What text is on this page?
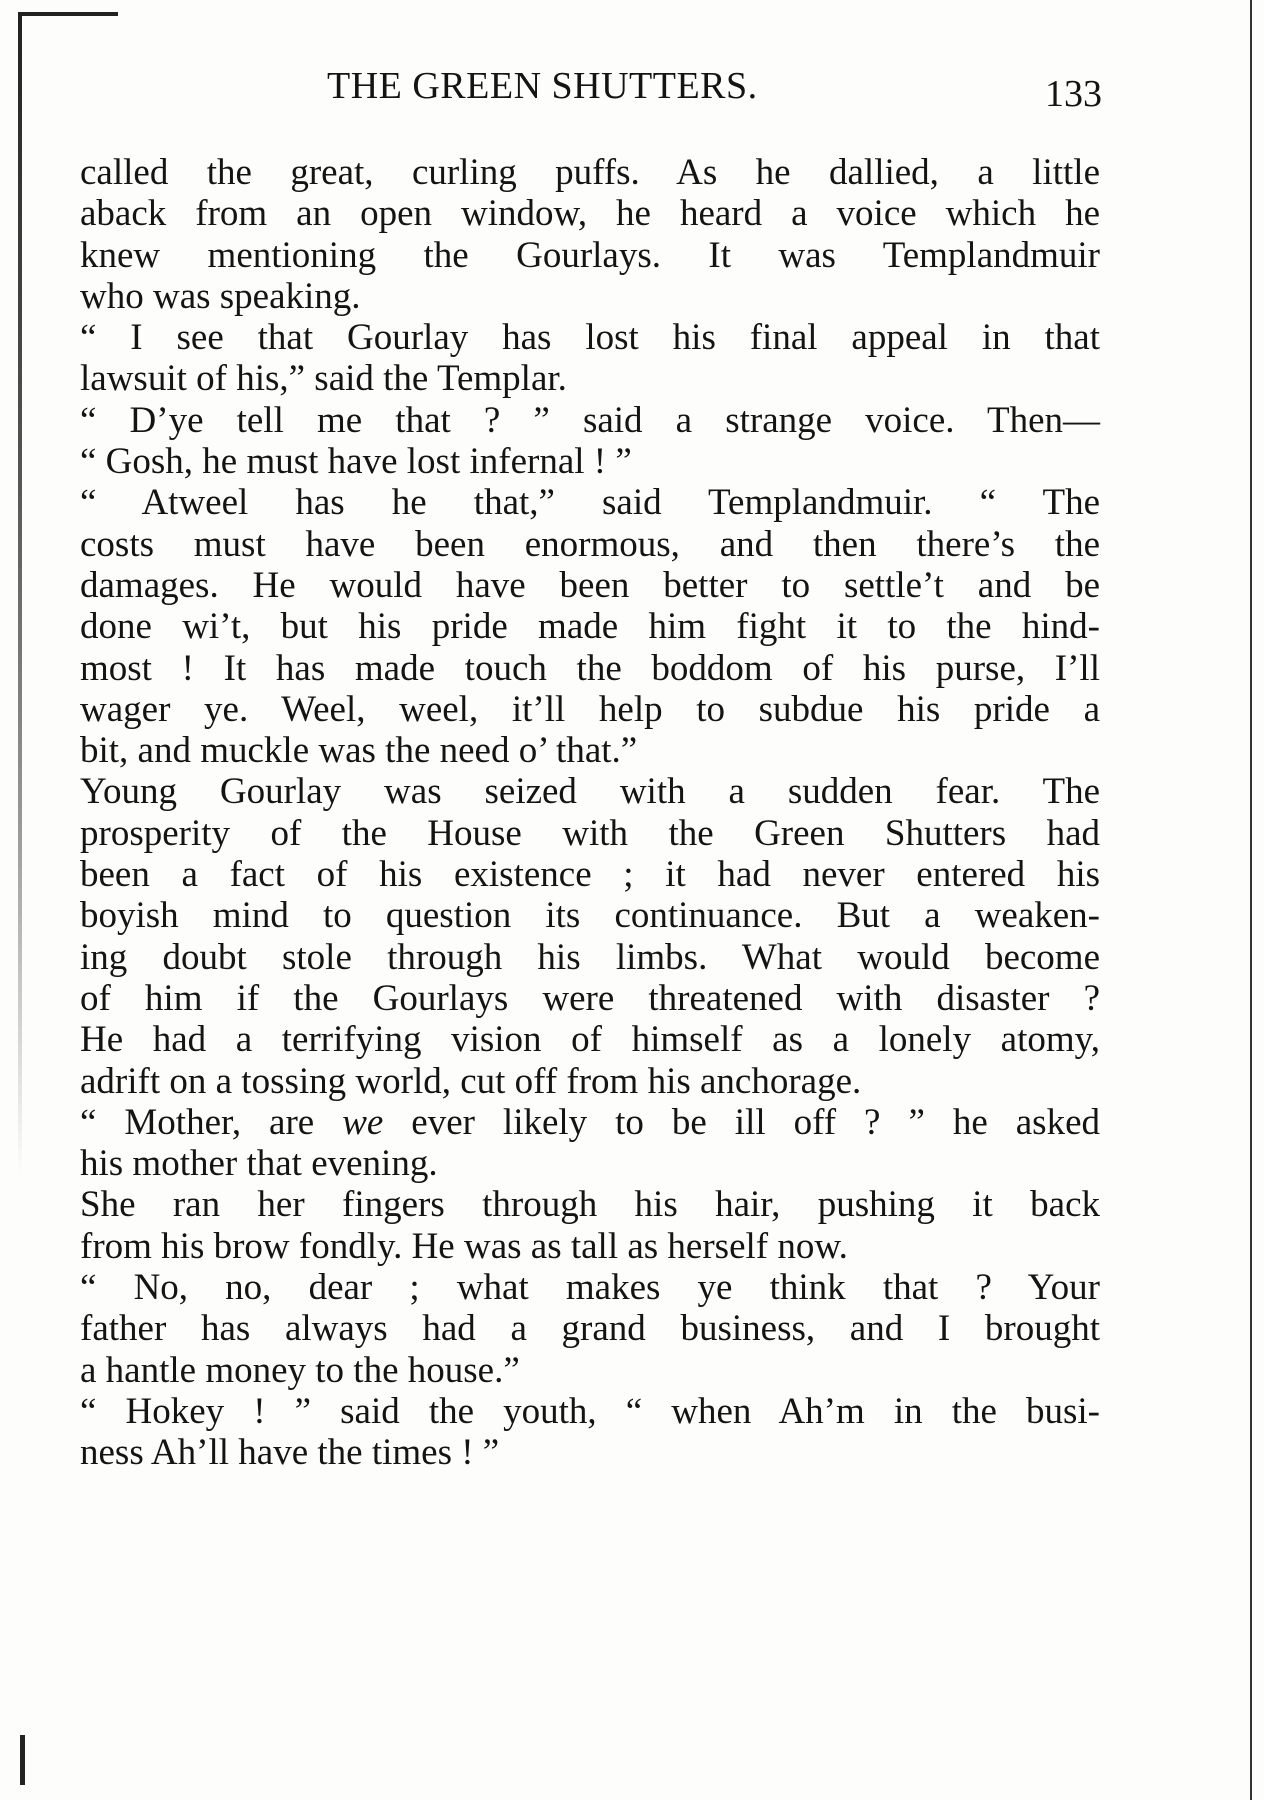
THE GREEN SHUTTERS.	133
called the great, curling puffs. As he dallied, a little
aback from an open window, he heard a voice which he
knew mentioning the Gourlays. It was Templandmuir
who was speaking.
“ I see that Gourlay has lost his final appeal in that
lawsuit of his,” said the Templar.
“ D’ye tell me that ? ” said a strange voice. Then—
“ Gosh, he must have lost infernal ! ”
“ Atweel has he that,” said Templandmuir. “ The
costs must have been enormous, and then there’s the
damages. He would have been better to settle’t and be
done wi’t, but his pride made him fight it to the hind-
most ! It has made touch the boddom of his purse, I’ll
wager ye. Weel, weel, it’ll help to subdue his pride a
bit, and muckle was the need o’ that.”
Young Gourlay was seized with a sudden fear. The
prosperity of the House with the Green Shutters had
been a fact of his existence ; it had never entered his
boyish mind to question its continuance. But a weaken-
ing doubt stole through his limbs. What would become
of him if the Gourlays were threatened with disaster ?
He had a terrifying vision of himself as a lonely atomy,
adrift on a tossing world, cut off from his anchorage.
“ Mother, are we ever likely to be ill off ? ” he asked
his mother that evening.
She ran her fingers through his hair, pushing it back
from his brow fondly. He was as tall as herself now.
“ No, no, dear ; what makes ye think that ? Your
father has always had a grand business, and I brought
a hantle money to the house.”
“ Hokey ! ” said the youth, “ when Ah’m in the busi-
ness Ah’ll have the times ! ”
